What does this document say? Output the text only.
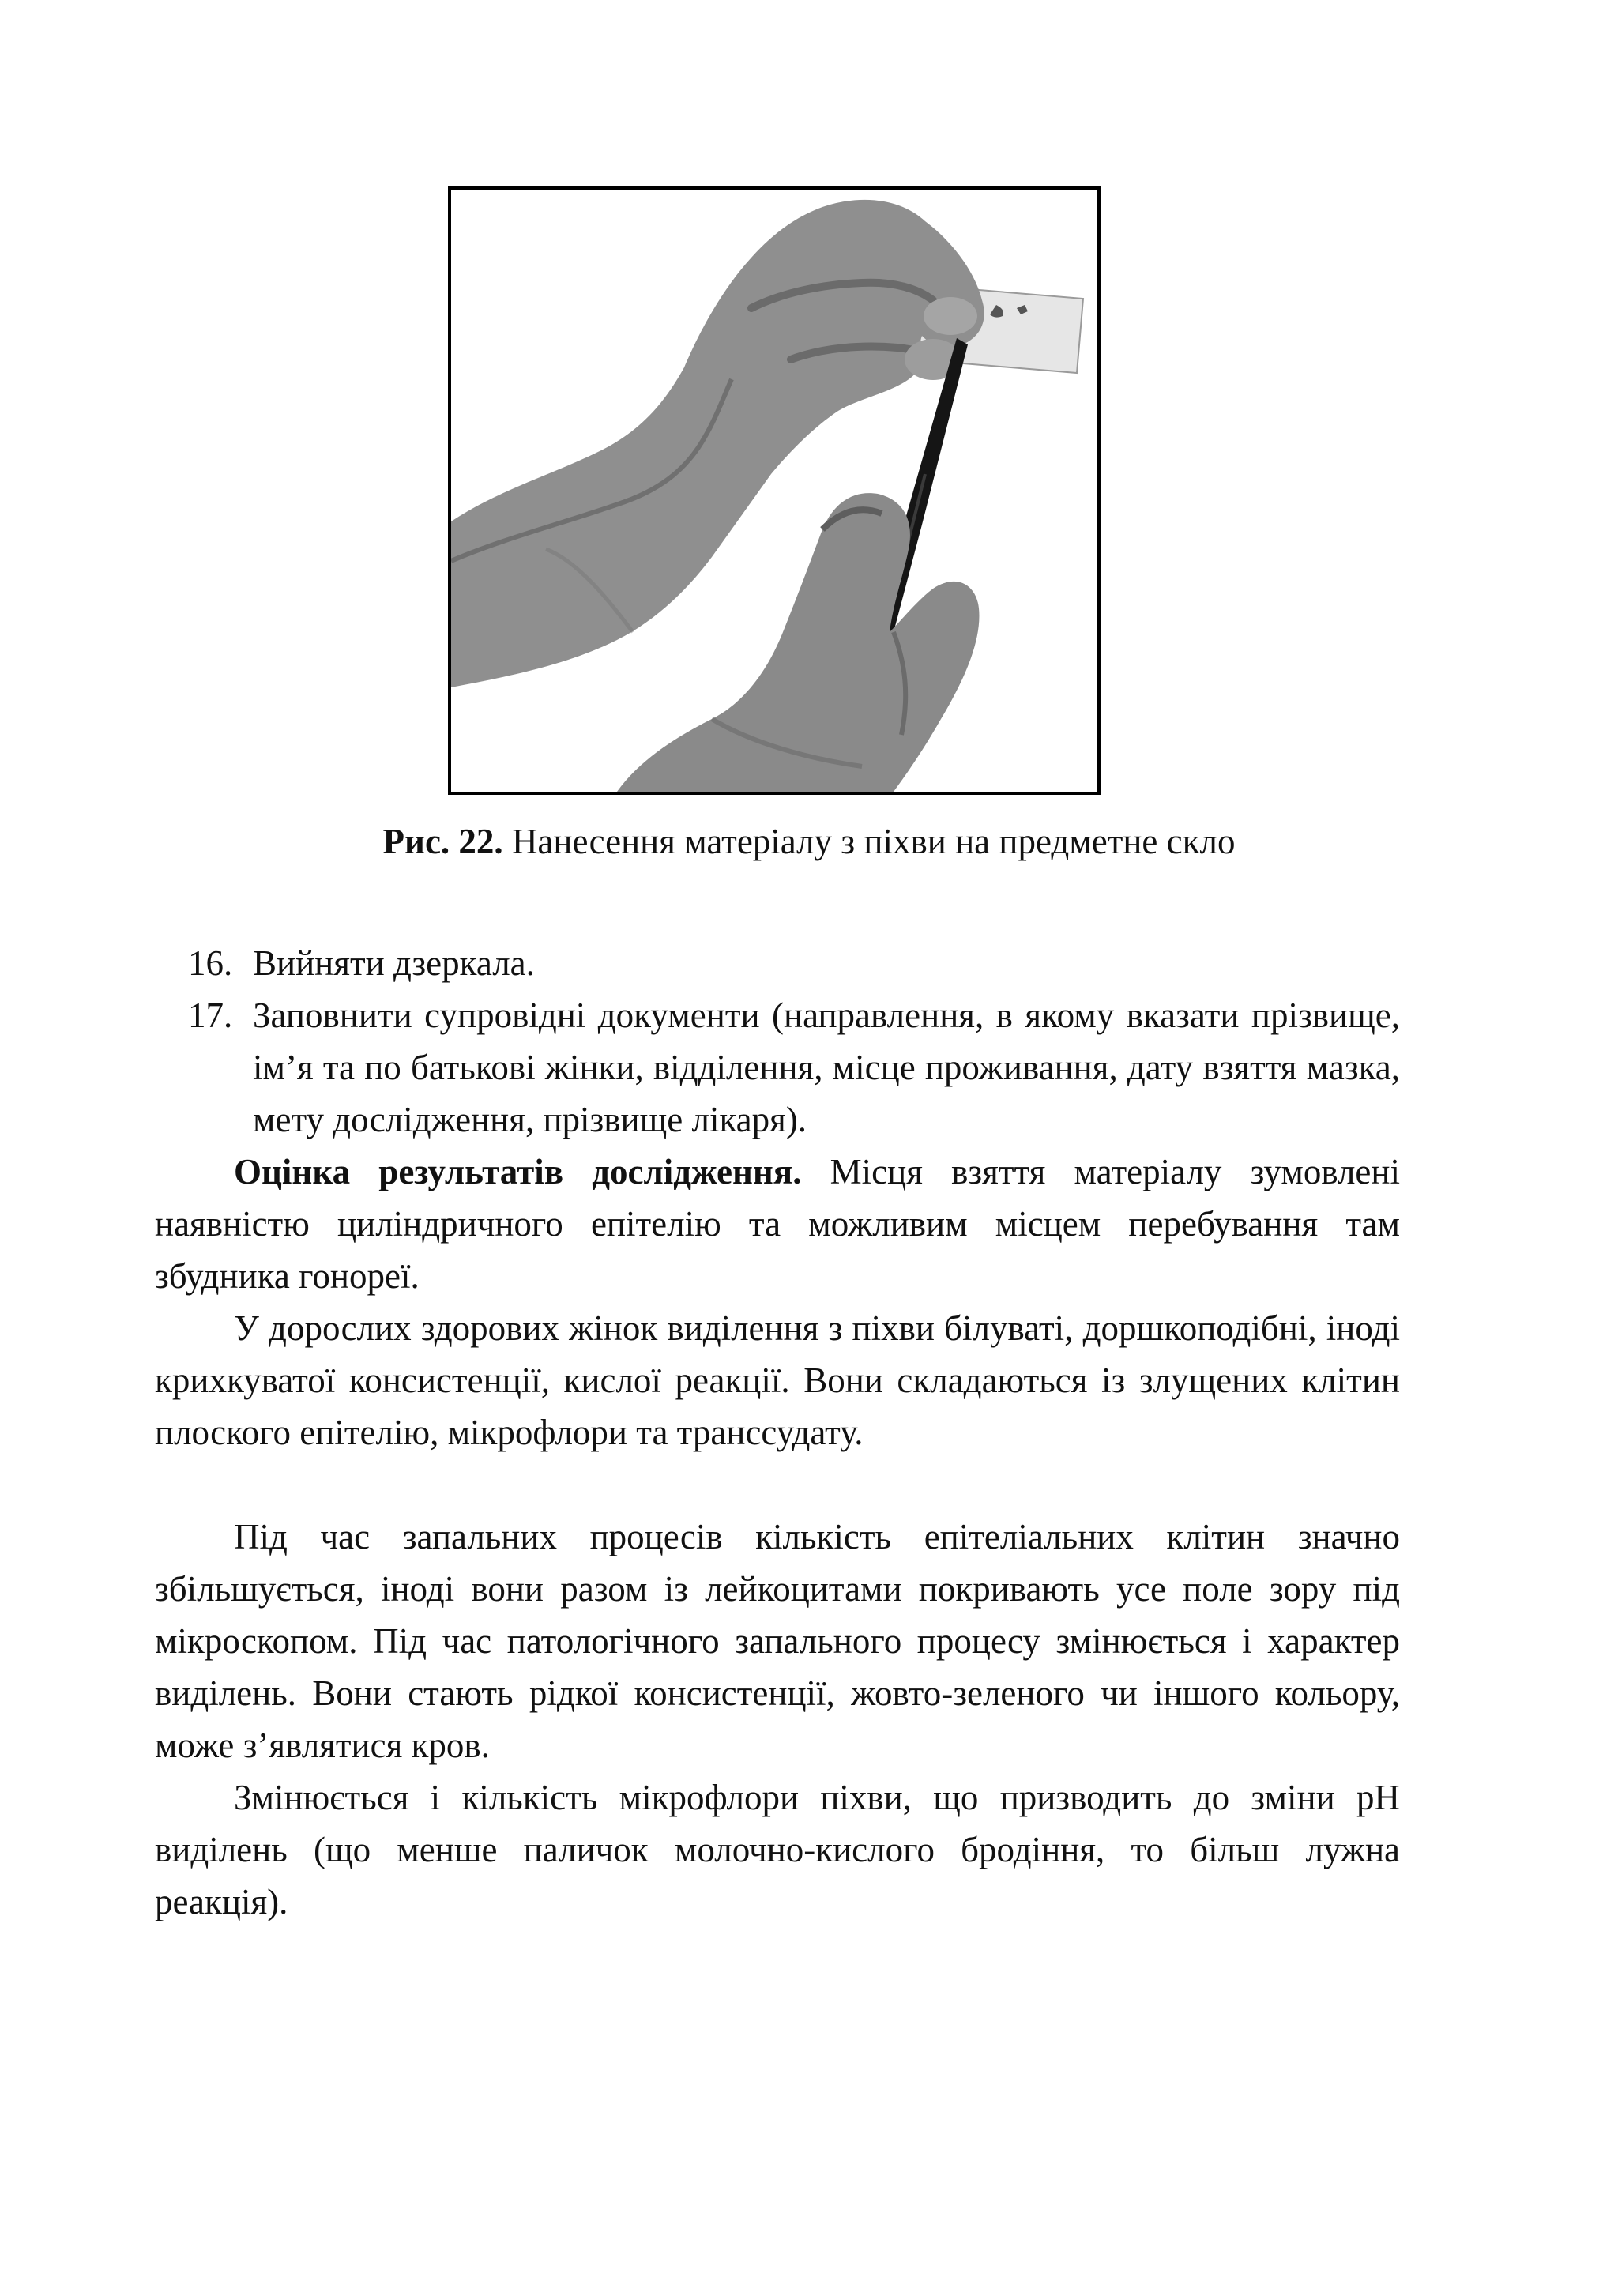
Рис. 22. Нанесення матеріалу з піхви на предметне скло
16. Вийняти дзеркала.
17. Заповнити супровідні документи (направлення, в якому вказати прізвище, ім’я та по батькові жінки, відділення, місце проживання, дату взяття мазка, мету дослідження, прізвище лікаря).
Оцінка результатів дослідження. Місця взяття матеріалу зумовлені наявністю циліндричного епітелію та можливим місцем перебування там збудника гонореї.
У дорослих здорових жінок виділення з піхви білуваті, доршкоподібні, іноді крихкуватої консистенції, кислої реакції. Вони складаються із злущених клітин плоского епітелію, мікрофлори та транссудату.
Під час запальних процесів кількість епітеліальних клітин значно збільшується, іноді вони разом із лейкоцитами покривають усе поле зору під мікроскопом. Під час патологічного запального процесу змінюється і характер виділень. Вони стають рідкої консистенції, жовто-зеленого чи іншого кольору, може з’являтися кров.
Змінюється і кількість мікрофлори піхви, що призводить до зміни pH виділень (що менше паличок молочно-кислого бродіння, то більш лужна реакція).
